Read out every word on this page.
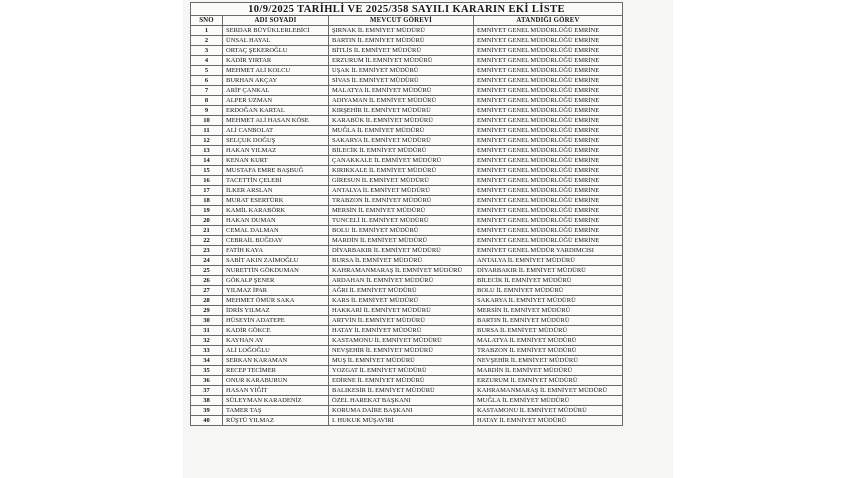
10/9/2025 TARİHLİ VE 2025/358 SAYILI KARARIN EKİ LİSTE			
SNO	ADI SOYADI	MEVCUT GÖREVİ	ATANDIĞI GÖREV
1	SERDAR BÜYÜKLERLEBİCİ	ŞIRNAK İL EMNİYET MÜDÜRÜ	EMNİYET GENEL MÜDÜRLÜĞÜ EMRİNE
2	ÜNSAL HAYAL	BARTIN İL EMNİYET MÜDÜRÜ	EMNİYET GENEL MÜDÜRLÜĞÜ EMRİNE
3	ORTAÇ ŞEKEROĞLU	BİTLİS İL EMNİYET MÜDÜRÜ	EMNİYET GENEL MÜDÜRLÜĞÜ EMRİNE
4	KADİR YIRTAR	ERZURUM İL EMNİYET MÜDÜRÜ	EMNİYET GENEL MÜDÜRLÜĞÜ EMRİNE
5	MEHMET ALİ KOLCU	UŞAK İL EMNİYET MÜDÜRÜ	EMNİYET GENEL MÜDÜRLÜĞÜ EMRİNE
6	BURHAN AKÇAY	SİVAS İL EMNİYET MÜDÜRÜ	EMNİYET GENEL MÜDÜRLÜĞÜ EMRİNE
7	ARİF ÇANKAL	MALATYA İL EMNİYET MÜDÜRÜ	EMNİYET GENEL MÜDÜRLÜĞÜ EMRİNE
8	ALPER UZMAN	ADIYAMAN İL EMNİYET MÜDÜRÜ	EMNİYET GENEL MÜDÜRLÜĞÜ EMRİNE
9	ERDOĞAN KARTAL	KIRŞEHİR İL EMNİYET MÜDÜRÜ	EMNİYET GENEL MÜDÜRLÜĞÜ EMRİNE
10	MEHMET ALİ HASAN KÖSE	KARABÜK İL EMNİYET MÜDÜRÜ	EMNİYET GENEL MÜDÜRLÜĞÜ EMRİNE
11	ALİ CANBOLAT	MUĞLA İL EMNİYET MÜDÜRÜ	EMNİYET GENEL MÜDÜRLÜĞÜ EMRİNE
12	SELÇUK DOĞUŞ	SAKARYA İL EMNİYET MÜDÜRÜ	EMNİYET GENEL MÜDÜRLÜĞÜ EMRİNE
13	HAKAN YILMAZ	BİLECİK İL EMNİYET MÜDÜRÜ	EMNİYET GENEL MÜDÜRLÜĞÜ EMRİNE
14	KENAN KURT	ÇANAKKALE İL EMNİYET MÜDÜRÜ	EMNİYET GENEL MÜDÜRLÜĞÜ EMRİNE
15	MUSTAFA EMRE BAŞBUĞ	KIRIKKALE İL EMNİYET MÜDÜRÜ	EMNİYET GENEL MÜDÜRLÜĞÜ EMRİNE
16	TACETTİN ÇELEBİ	GİRESUN İL EMNİYET MÜDÜRÜ	EMNİYET GENEL MÜDÜRLÜĞÜ EMRİNE
17	İLKER ARSLAN	ANTALYA İL EMNİYET MÜDÜRÜ	EMNİYET GENEL MÜDÜRLÜĞÜ EMRİNE
18	MURAT ESERTÜRK	TRABZON İL EMNİYET MÜDÜRÜ	EMNİYET GENEL MÜDÜRLÜĞÜ EMRİNE
19	KAMİL KARABÖRK	MERSİN İL EMNİYET MÜDÜRÜ	EMNİYET GENEL MÜDÜRLÜĞÜ EMRİNE
20	HAKAN DUMAN	TUNCELİ İL EMNİYET MÜDÜRÜ	EMNİYET GENEL MÜDÜRLÜĞÜ EMRİNE
21	CEMAL DALMAN	BOLU İL EMNİYET MÜDÜRÜ	EMNİYET GENEL MÜDÜRLÜĞÜ EMRİNE
22	CEBRAİL BUĞDAY	MARDİN İL EMNİYET MÜDÜRÜ	EMNİYET GENEL MÜDÜRLÜĞÜ EMRİNE
23	FATİH KAYA	DİYARBAKIR İL EMNİYET MÜDÜRÜ	EMNİYET GENEL MÜDÜR YARDIMCISI
24	SABİT AKIN ZAİMOĞLU	BURSA İL EMNİYET MÜDÜRÜ	ANTALYA İL EMNİYET MÜDÜRÜ
25	NURETTİN GÖKDUMAN	KAHRAMANMARAŞ İL EMNİYET MÜDÜRÜ	DİYARBAKIR İL EMNİYET MÜDÜRÜ
26	GÖKALP ŞENER	ARDAHAN İL EMNİYET MÜDÜRÜ	BİLECİK İL EMNİYET MÜDÜRÜ
27	YILMAZ İPAR	AĞRI İL EMNİYET MÜDÜRÜ	BOLU İL EMNİYET MÜDÜRÜ
28	MEHMET ÖMÜR SAKA	KARS İL EMNİYET MÜDÜRÜ	SAKARYA İL EMNİYET MÜDÜRÜ
29	İDRİS YILMAZ	HAKKARİ İL EMNİYET MÜDÜRÜ	MERSİN İL EMNİYET MÜDÜRÜ
30	HÜSEYİN ADATEPE	ARTVİN İL EMNİYET MÜDÜRÜ	BARTIN İL EMNİYET MÜDÜRÜ
31	KADİR GÖKCE	HATAY İL EMNİYET MÜDÜRÜ	BURSA İL EMNİYET MÜDÜRÜ
32	KAYHAN AY	KASTAMONU İL EMNİYET MÜDÜRÜ	MALATYA İL EMNİYET MÜDÜRÜ
33	ALİ LOĞOĞLU	NEVŞEHİR İL EMNİYET MÜDÜRÜ	TRABZON İL EMNİYET MÜDÜRÜ
34	SERKAN KARAMAN	MUŞ İL EMNİYET MÜDÜRÜ	NEVŞEHİR İL EMNİYET MÜDÜRÜ
35	RECEP TECİMER	YOZGAT İL EMNİYET MÜDÜRÜ	MARDİN İL EMNİYET MÜDÜRÜ
36	ONUR KARABURUN	EDİRNE İL EMNİYET MÜDÜRÜ	ERZURUM İL EMNİYET MÜDÜRÜ
37	HASAN YİĞİT	BALIKESİR İL EMNİYET MÜDÜRÜ	KAHRAMANMARAŞ İL EMNİYET MÜDÜRÜ
38	SÜLEYMAN KARADENİZ	ÖZEL HAREKAT BAŞKANI	MUĞLA İL EMNİYET MÜDÜRÜ
39	TAMER TAŞ	KORUMA DAİRE BAŞKANI	KASTAMONU İL EMNİYET MÜDÜRÜ
40	RÜŞTÜ YILMAZ	I. HUKUK MÜŞAVİRİ	HATAY İL EMNİYET MÜDÜRÜ
